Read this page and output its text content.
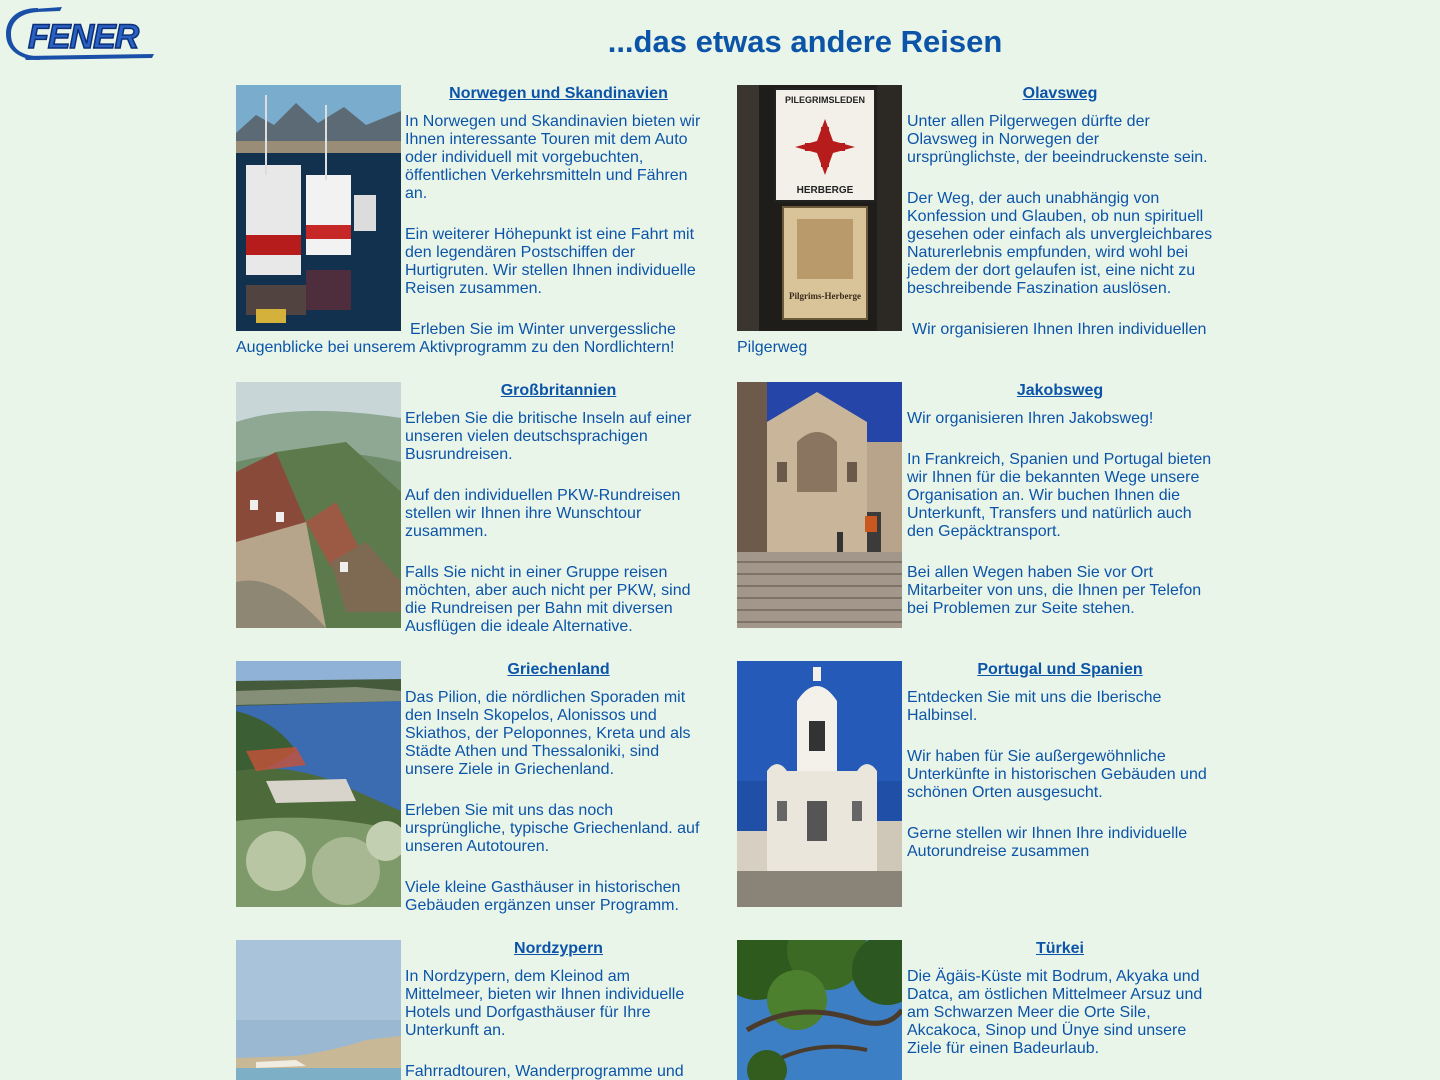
FENER	...das etwas andere Reisen
Norwegen und Skandinavien

In Norwegen und Skandinavien bieten wir Ihnen interessante Touren mit dem Auto oder individuell mit vorgebuchten, öffentlichen Verkehrsmitteln und Fähren an.

Ein weiterer Höhepunkt ist eine Fahrt mit den legendären Postschiffen der Hurtigruten. Wir stellen Ihnen individuelle Reisen zusammen.

Erleben Sie im Winter unvergessliche Augenblicke bei unserem Aktivprogramm zu den Nordlichtern!

PILEGRIMSLEDEN
HERBERGE
Pilgrims-Herberge
Olavsweg

Unter allen Pilgerwegen dürfte der Olavsweg in Norwegen der ursprünglichste, der beeindruckenste sein.

Der Weg, der auch unabhängig von Konfession und Glauben, ob nun spirituell gesehen oder einfach als unvergleichbares Naturerlebnis empfunden, wird wohl bei jedem der dort gelaufen ist, eine nicht zu beschreibende Faszination auslösen.

Wir organisieren Ihnen Ihren individuellen Pilgerweg

Großbritannien

Erleben Sie die britische Inseln auf einer unseren vielen deutschsprachigen Busrundreisen.

Auf den individuellen PKW-Rundreisen stellen wir Ihnen ihre Wunschtour zusammen.

Falls Sie nicht in einer Gruppe reisen möchten, aber auch nicht per PKW, sind die Rundreisen per Bahn mit diversen Ausflügen die ideale Alternative.

Jakobsweg

Wir organisieren Ihren Jakobsweg!

In Frankreich, Spanien und Portugal bieten wir Ihnen für die bekannten Wege unsere Organisation an. Wir buchen Ihnen die Unterkunft, Transfers und natürlich auch den Gepäcktransport.

Bei allen Wegen haben Sie vor Ort Mitarbeiter von uns, die Ihnen per Telefon bei Problemen zur Seite stehen.

Griechenland

Das Pilion, die nördlichen Sporaden mit den Inseln Skopelos, Alonissos und Skiathos, der Peloponnes, Kreta und als Städte Athen und Thessaloniki, sind unsere Ziele in Griechenland.

Erleben Sie mit uns das noch ursprüngliche, typische Griechenland. auf unseren Autotouren.

Viele kleine Gasthäuser in historischen Gebäuden ergänzen unser Programm.

Portugal und Spanien

Entdecken Sie mit uns die Iberische Halbinsel.

Wir haben für Sie außergewöhnliche Unterkünfte in historischen Gebäuden und schönen Orten ausgesucht.

Gerne stellen wir Ihnen Ihre individuelle Autorundreise zusammen

Nordzypern

In Nordzypern, dem Kleinod am Mittelmeer, bieten wir Ihnen individuelle Hotels und Dorfgasthäuser für Ihre Unterkunft an.

Fahrradtouren, Wanderprogramme und

Türkei

Die Ägäis-Küste mit Bodrum, Akyaka und Datca, am östlichen Mittelmeer Arsuz und am Schwarzen Meer die Orte Sile, Akcakoca, Sinop und Ünye sind unsere Ziele für einen Badeurlaub.
